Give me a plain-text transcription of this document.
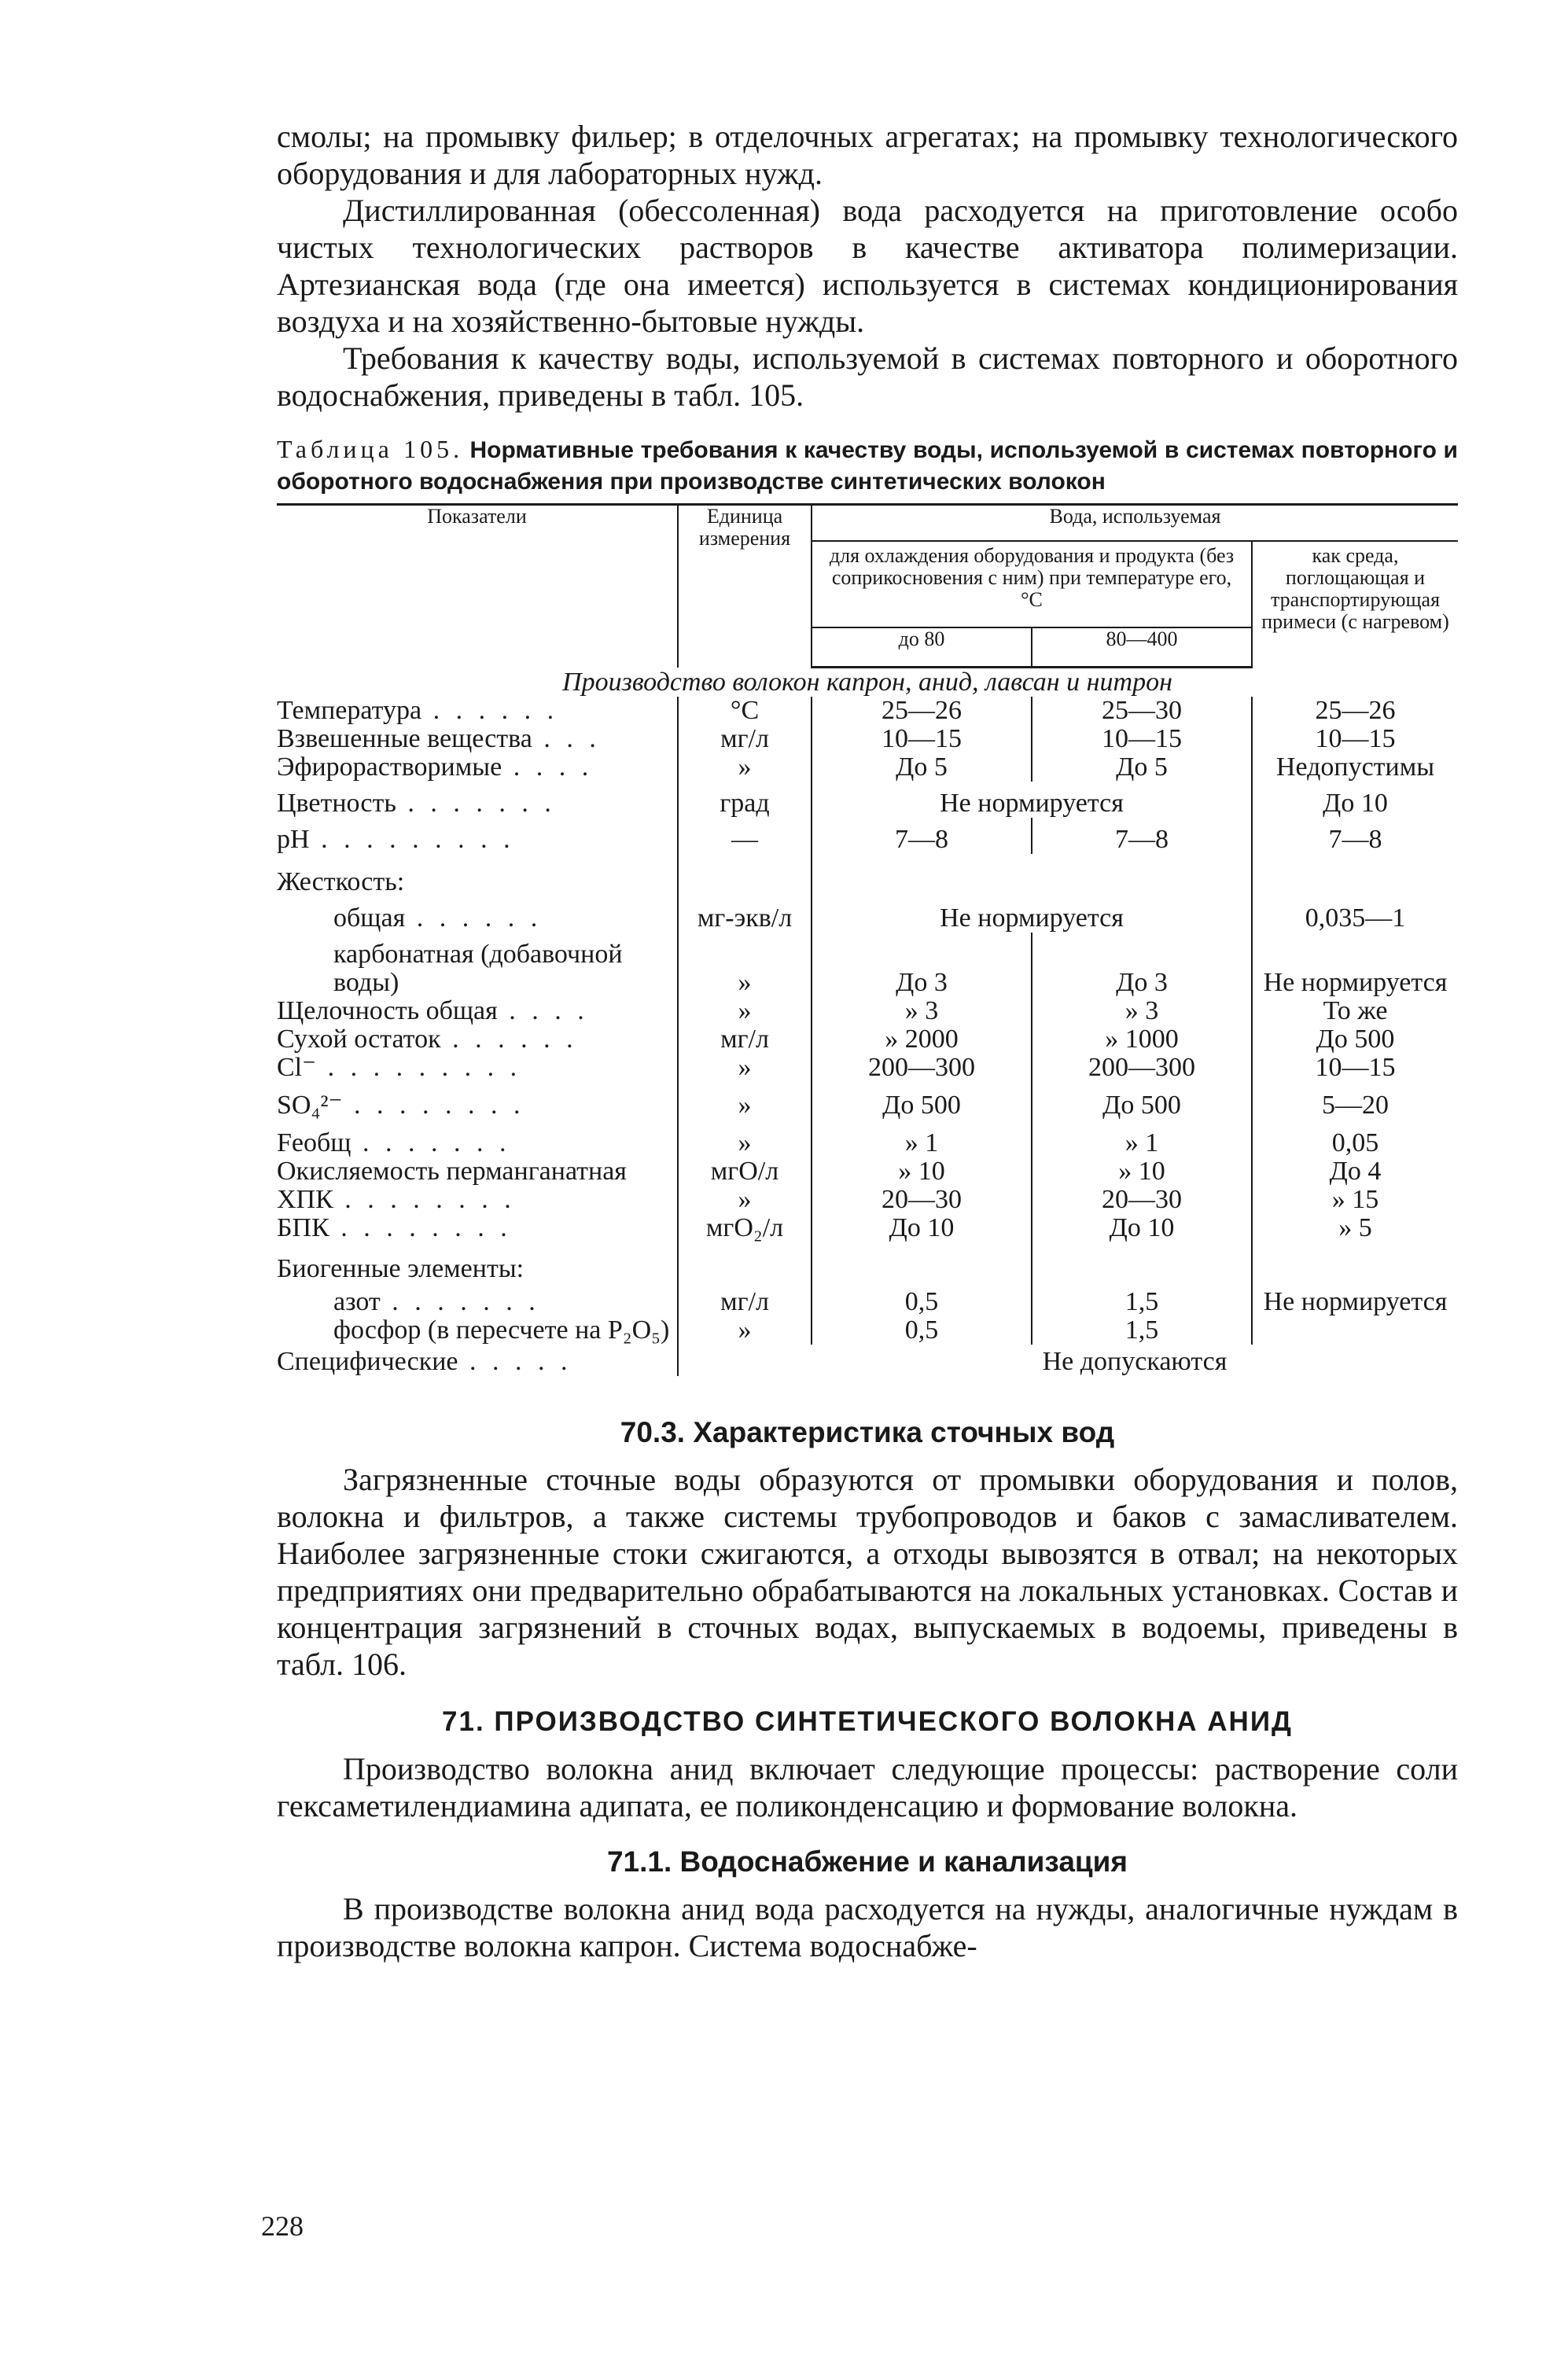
смолы; на промывку фильер; в отделочных агрегатах; на промывку технологического оборудования и для лабораторных нужд.

Дистиллированная (обессоленная) вода расходуется на приготовление особо чистых технологических растворов в качестве активатора полимеризации. Артезианская вода (где она имеется) используется в системах кондиционирования воздуха и на хозяйственно-бытовые нужды.

Требования к качеству воды, используемой в системах повторного и оборотного водоснабжения, приведены в табл. 105.

Таблица 105. Нормативные требования к качеству воды, используемой в системах повторного и оборотного водоснабжения при производстве синтетических волокон
Показатели	Единица измерения	Вода, используемая		
		для охлаждения оборудования и продукта (без соприкосновения с ним) при температуре его, °С		как среда, поглощающая и транспортирующая примеси (с нагревом)
		до 80	80—400	
Производство волокон капрон, анид, лавсан и нитрон				
Температура . . . . . .	°С	25—26	25—30	25—26
Взвешенные вещества . . .	мг/л	10—15	10—15	10—15
Эфирорастворимые . . . .	»	До 5	До 5	Недопустимы
Цветность . . . . . . .	град	Не нормируется		До 10
рН . . . . . . . . .	—	7—8	7—8	7—8
Жесткость:				
общая . . . . . .	мг-экв/л	Не нормируется		0,035—1
карбонатная (добавочной воды)	»	До 3	До 3	Не нормируется
Щелочность общая . . . .	»	» 3	» 3	То же
Сухой остаток . . . . . .	мг/л	» 2000	» 1000	До 500
Cl⁻ . . . . . . . . .	»	200—300	200—300	10—15
SO₄²⁻ . . . . . . . .	»	До 500	До 500	5—20
Feобщ . . . . . . .	»	» 1	» 1	0,05
Окисляемость перманганатная	мгО/л	» 10	» 10	До 4
ХПК . . . . . . . .	»	20—30	20—30	» 15
БПК . . . . . . . .	мгО₂/л	До 10	До 10	» 5
Биогенные элементы:				
азот . . . . . . .	мг/л	0,5	1,5	Не нормируется
фосфор (в пересчете на P₂O₅)	»	0,5	1,5	
Специфические . . . . .		Не допускаются		
70.3. Характеристика сточных вод

Загрязненные сточные воды образуются от промывки оборудования и полов, волокна и фильтров, а также системы трубопроводов и баков с замасливателем. Наиболее загрязненные стоки сжигаются, а отходы вывозятся в отвал; на некоторых предприятиях они предварительно обрабатываются на локальных установках. Состав и концентрация загрязнений в сточных водах, выпускаемых в водоемы, приведены в табл. 106.

71. ПРОИЗВОДСТВО СИНТЕТИЧЕСКОГО ВОЛОКНА АНИД

Производство волокна анид включает следующие процессы: растворение соли гексаметилендиамина адипата, ее поликонденсацию и формование волокна.

71.1. Водоснабжение и канализация

В производстве волокна анид вода расходуется на нужды, аналогичные нуждам в производстве волокна капрон. Система водоснабже-

228
